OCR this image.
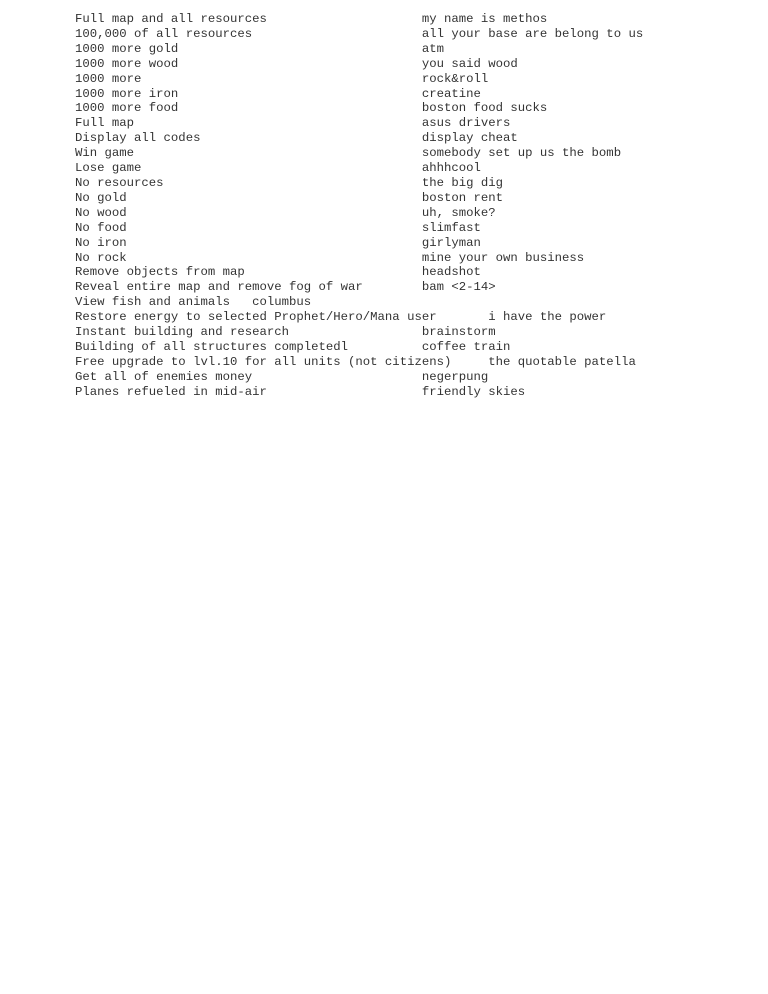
Full map and all resources                     my name is methos
100,000 of all resources                       all your base are belong to us
1000 more gold                                 atm
1000 more wood                                 you said wood
1000 more                                      rock&roll
1000 more iron                                 creatine
1000 more food                                 boston food sucks
Full map                                       asus drivers
Display all codes                              display cheat
Win game                                       somebody set up us the bomb
Lose game                                      ahhhcool
No resources                                   the big dig
No gold                                        boston rent
No wood                                        uh, smoke?
No food                                        slimfast
No iron                                        girlyman
No rock                                        mine your own business
Remove objects from map                        headshot
Reveal entire map and remove fog of war        bam <2-14>
View fish and animals   columbus
Restore energy to selected Prophet/Hero/Mana user       i have the power
Instant building and research                  brainstorm
Building of all structures completedl          coffee train
Free upgrade to lvl.10 for all units (not citizens)     the quotable patella
Get all of enemies money                       negerpung
Planes refueled in mid-air                     friendly skies
